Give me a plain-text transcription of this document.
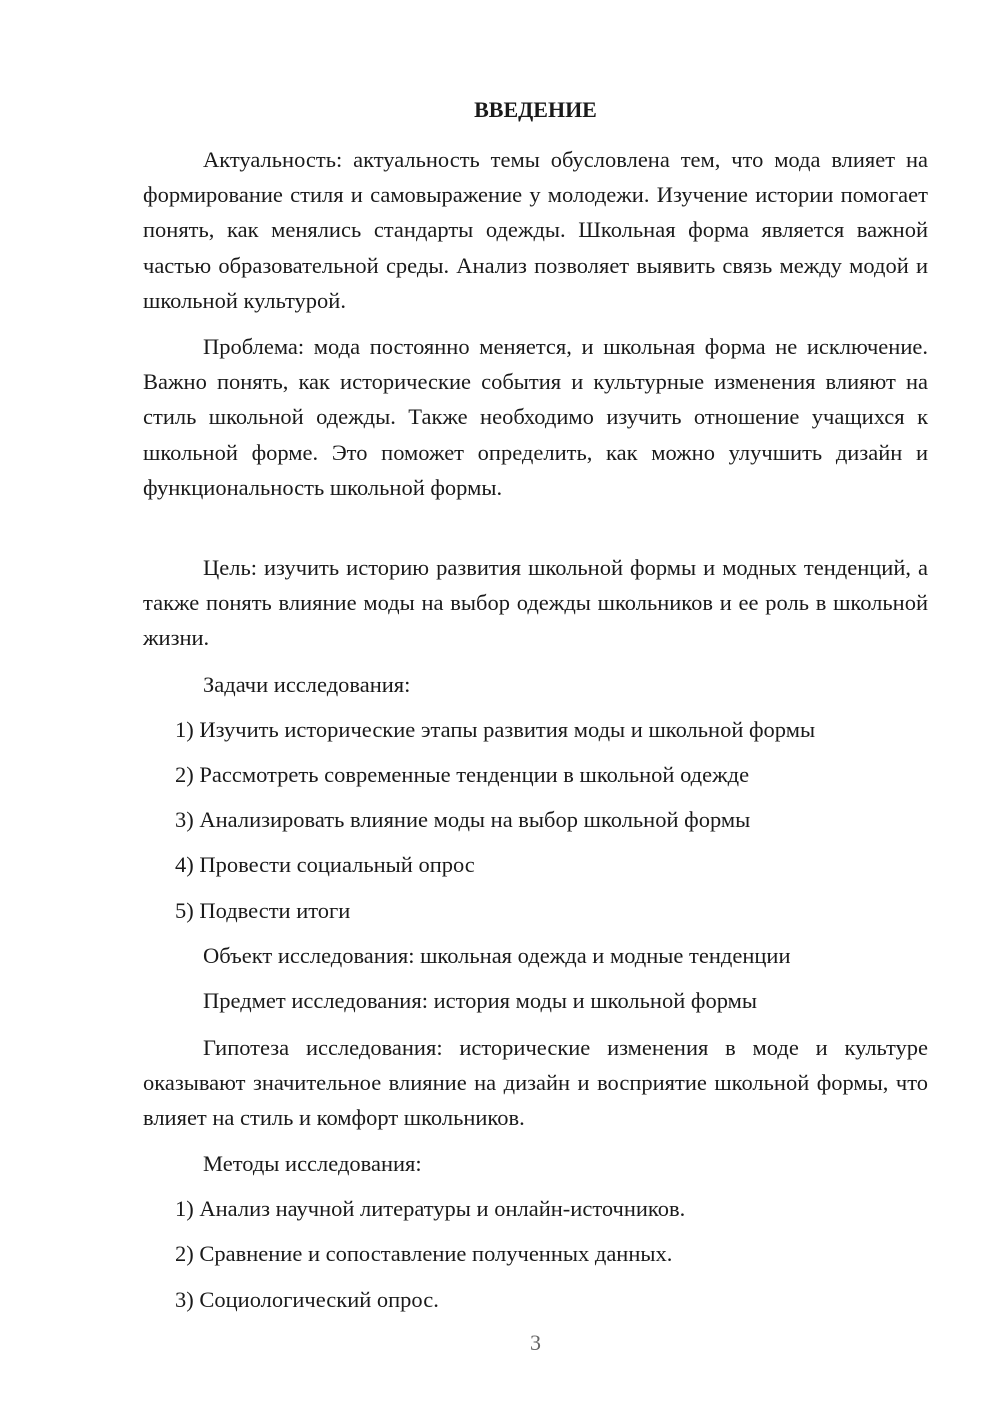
ВВЕДЕНИЕ

Актуальность: актуальность темы обусловлена тем, что мода влияет на формирование стиля и самовыражение у молодежи. Изучение истории помогает понять, как менялись стандарты одежды. Школьная форма является важной частью образовательной среды. Анализ позволяет выявить связь между модой и школьной культурой.

Проблема: мода постоянно меняется, и школьная форма не исключение. Важно понять, как исторические события и культурные изменения влияют на стиль школьной одежды. Также необходимо изучить отношение учащихся к школьной форме. Это поможет определить, как можно улучшить дизайн и функциональность школьной формы.

Цель: изучить историю развития школьной формы и модных тенденций, а также понять влияние моды на выбор одежды школьников и ее роль в школьной жизни.

Задачи исследования:

1) Изучить исторические этапы развития моды и школьной формы

2) Рассмотреть современные тенденции в школьной одежде

3) Анализировать влияние моды на выбор школьной формы

4) Провести социальный опрос

5) Подвести итоги

Объект исследования: школьная одежда и модные тенденции

Предмет исследования: история моды и школьной формы

Гипотеза исследования: исторические изменения в моде и культуре оказывают значительное влияние на дизайн и восприятие школьной формы, что влияет на стиль и комфорт школьников.

Методы исследования:

1) Анализ научной литературы и онлайн-источников.

2) Сравнение и сопоставление полученных данных.

3) Социологический опрос.

3
